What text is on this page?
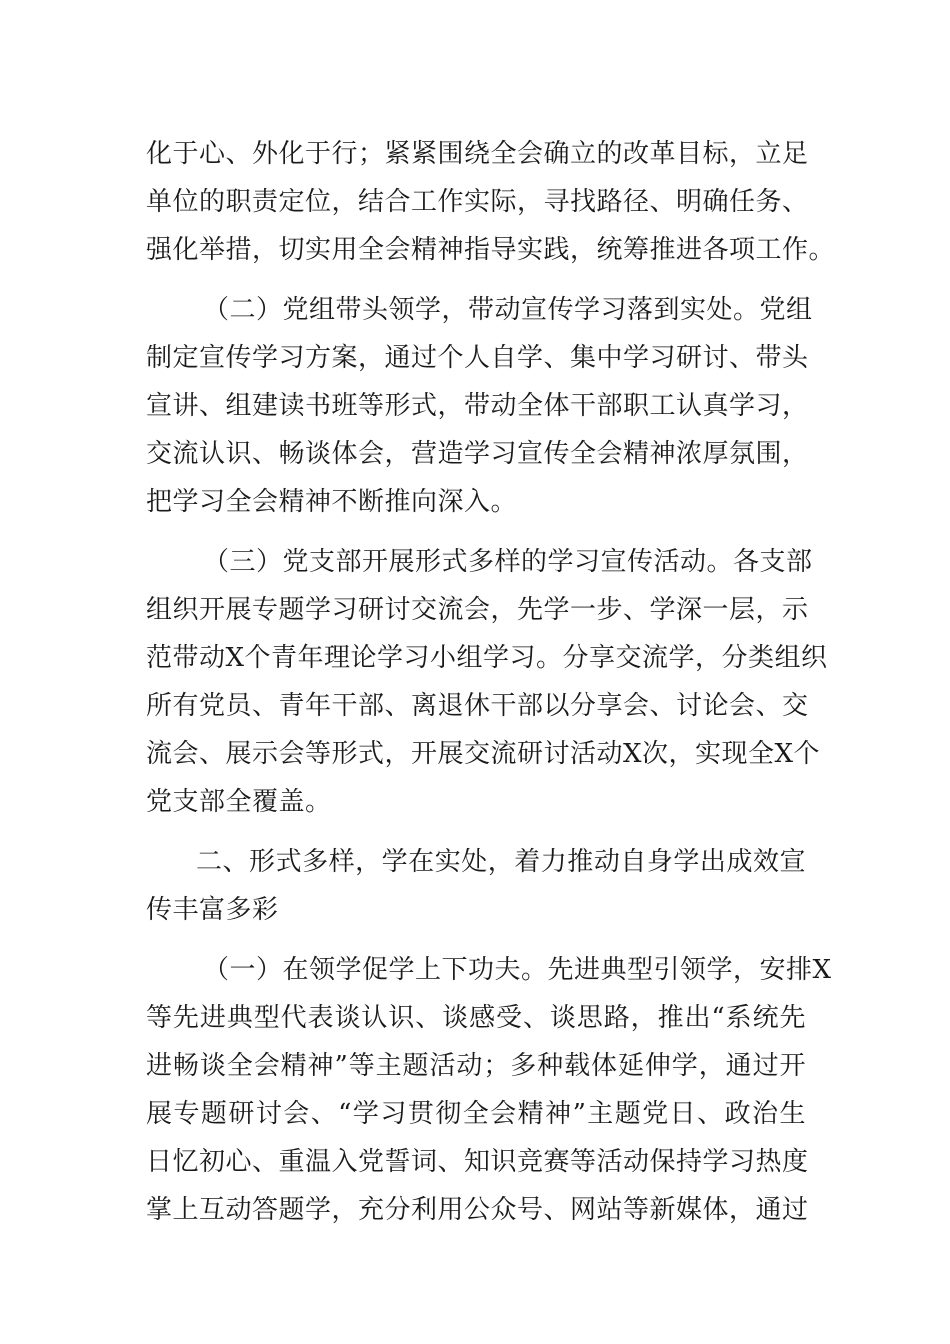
化于心、外化于行；紧紧围绕全会确立的改革目标，立足
单位的职责定位，结合工作实际，寻找路径、明确任务、
强化举措，切实用全会精神指导实践，统筹推进各项工作。
（二）党组带头领学，带动宣传学习落到实处。党组
制定宣传学习方案，通过个人自学、集中学习研讨、带头
宣讲、组建读书班等形式，带动全体干部职工认真学习，
交流认识、畅谈体会，营造学习宣传全会精神浓厚氛围，
把学习全会精神不断推向深入。
（三）党支部开展形式多样的学习宣传活动。各支部
组织开展专题学习研讨交流会，先学一步、学深一层，示
范带动X个青年理论学习小组学习。分享交流学，分类组织
所有党员、青年干部、离退休干部以分享会、讨论会、交
流会、展示会等形式，开展交流研讨活动X次，实现全X个
党支部全覆盖。
二、形式多样，学在实处，着力推动自身学出成效宣
传丰富多彩
（一）在领学促学上下功夫。先进典型引领学，安排X
等先进典型代表谈认识、谈感受、谈思路，推出“系统先
进畅谈全会精神”等主题活动；多种载体延伸学，通过开
展专题研讨会、“学习贯彻全会精神”主题党日、政治生
日忆初心、重温入党誓词、知识竞赛等活动保持学习热度
掌上互动答题学，充分利用公众号、网站等新媒体，通过
